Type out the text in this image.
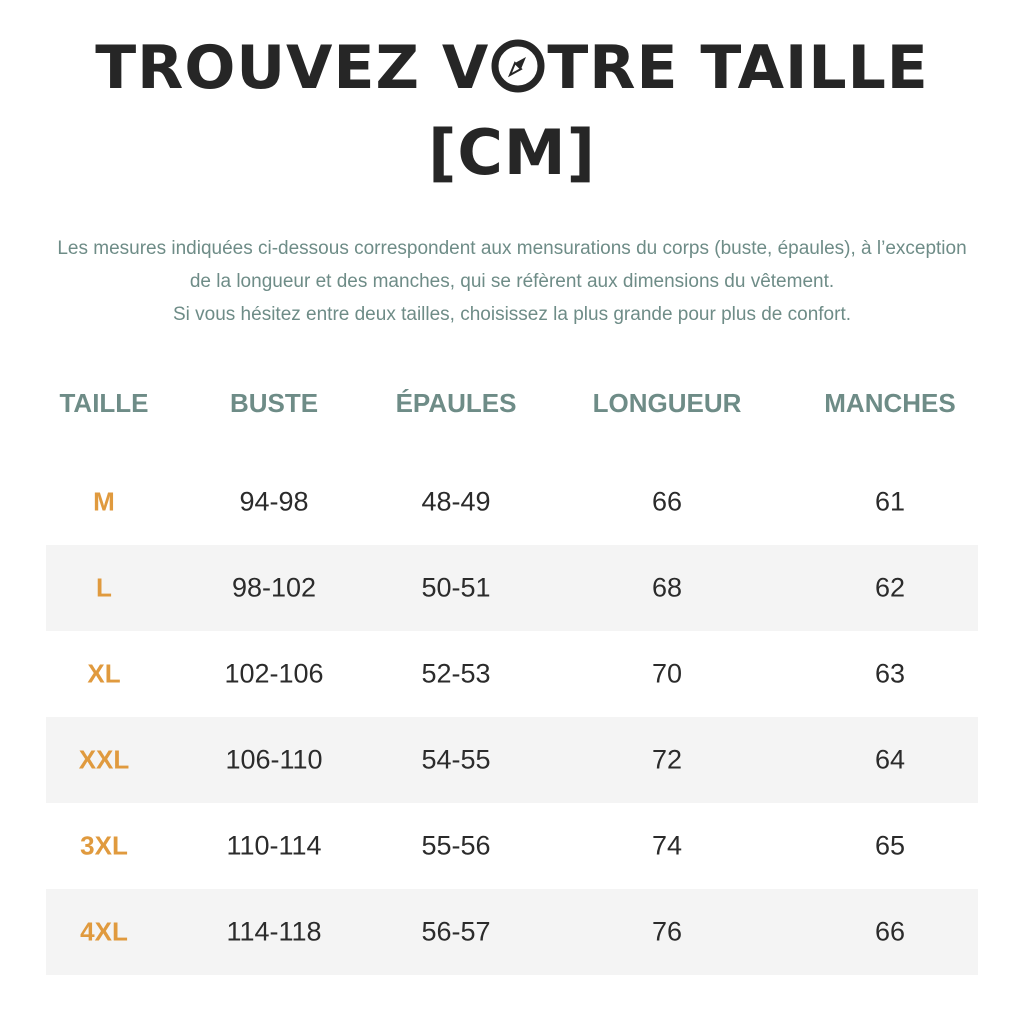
TROUVEZ V TRE TAILLE
[CM]
Les mesures indiquées ci-dessous correspondent aux mensurations du corps (buste, épaules), à l’exception
de la longueur et des manches, qui se réfèrent aux dimensions du vêtement.
Si vous hésitez entre deux tailles, choisissez la plus grande pour plus de confort.
TAILLE	BUSTE	ÉPAULES	LONGUEUR	MANCHES
M	94-98	48-49	66	61
L	98-102	50-51	68	62
XL	102-106	52-53	70	63
XXL	106-110	54-55	72	64
3XL	110-114	55-56	74	65
4XL	114-118	56-57	76	66
